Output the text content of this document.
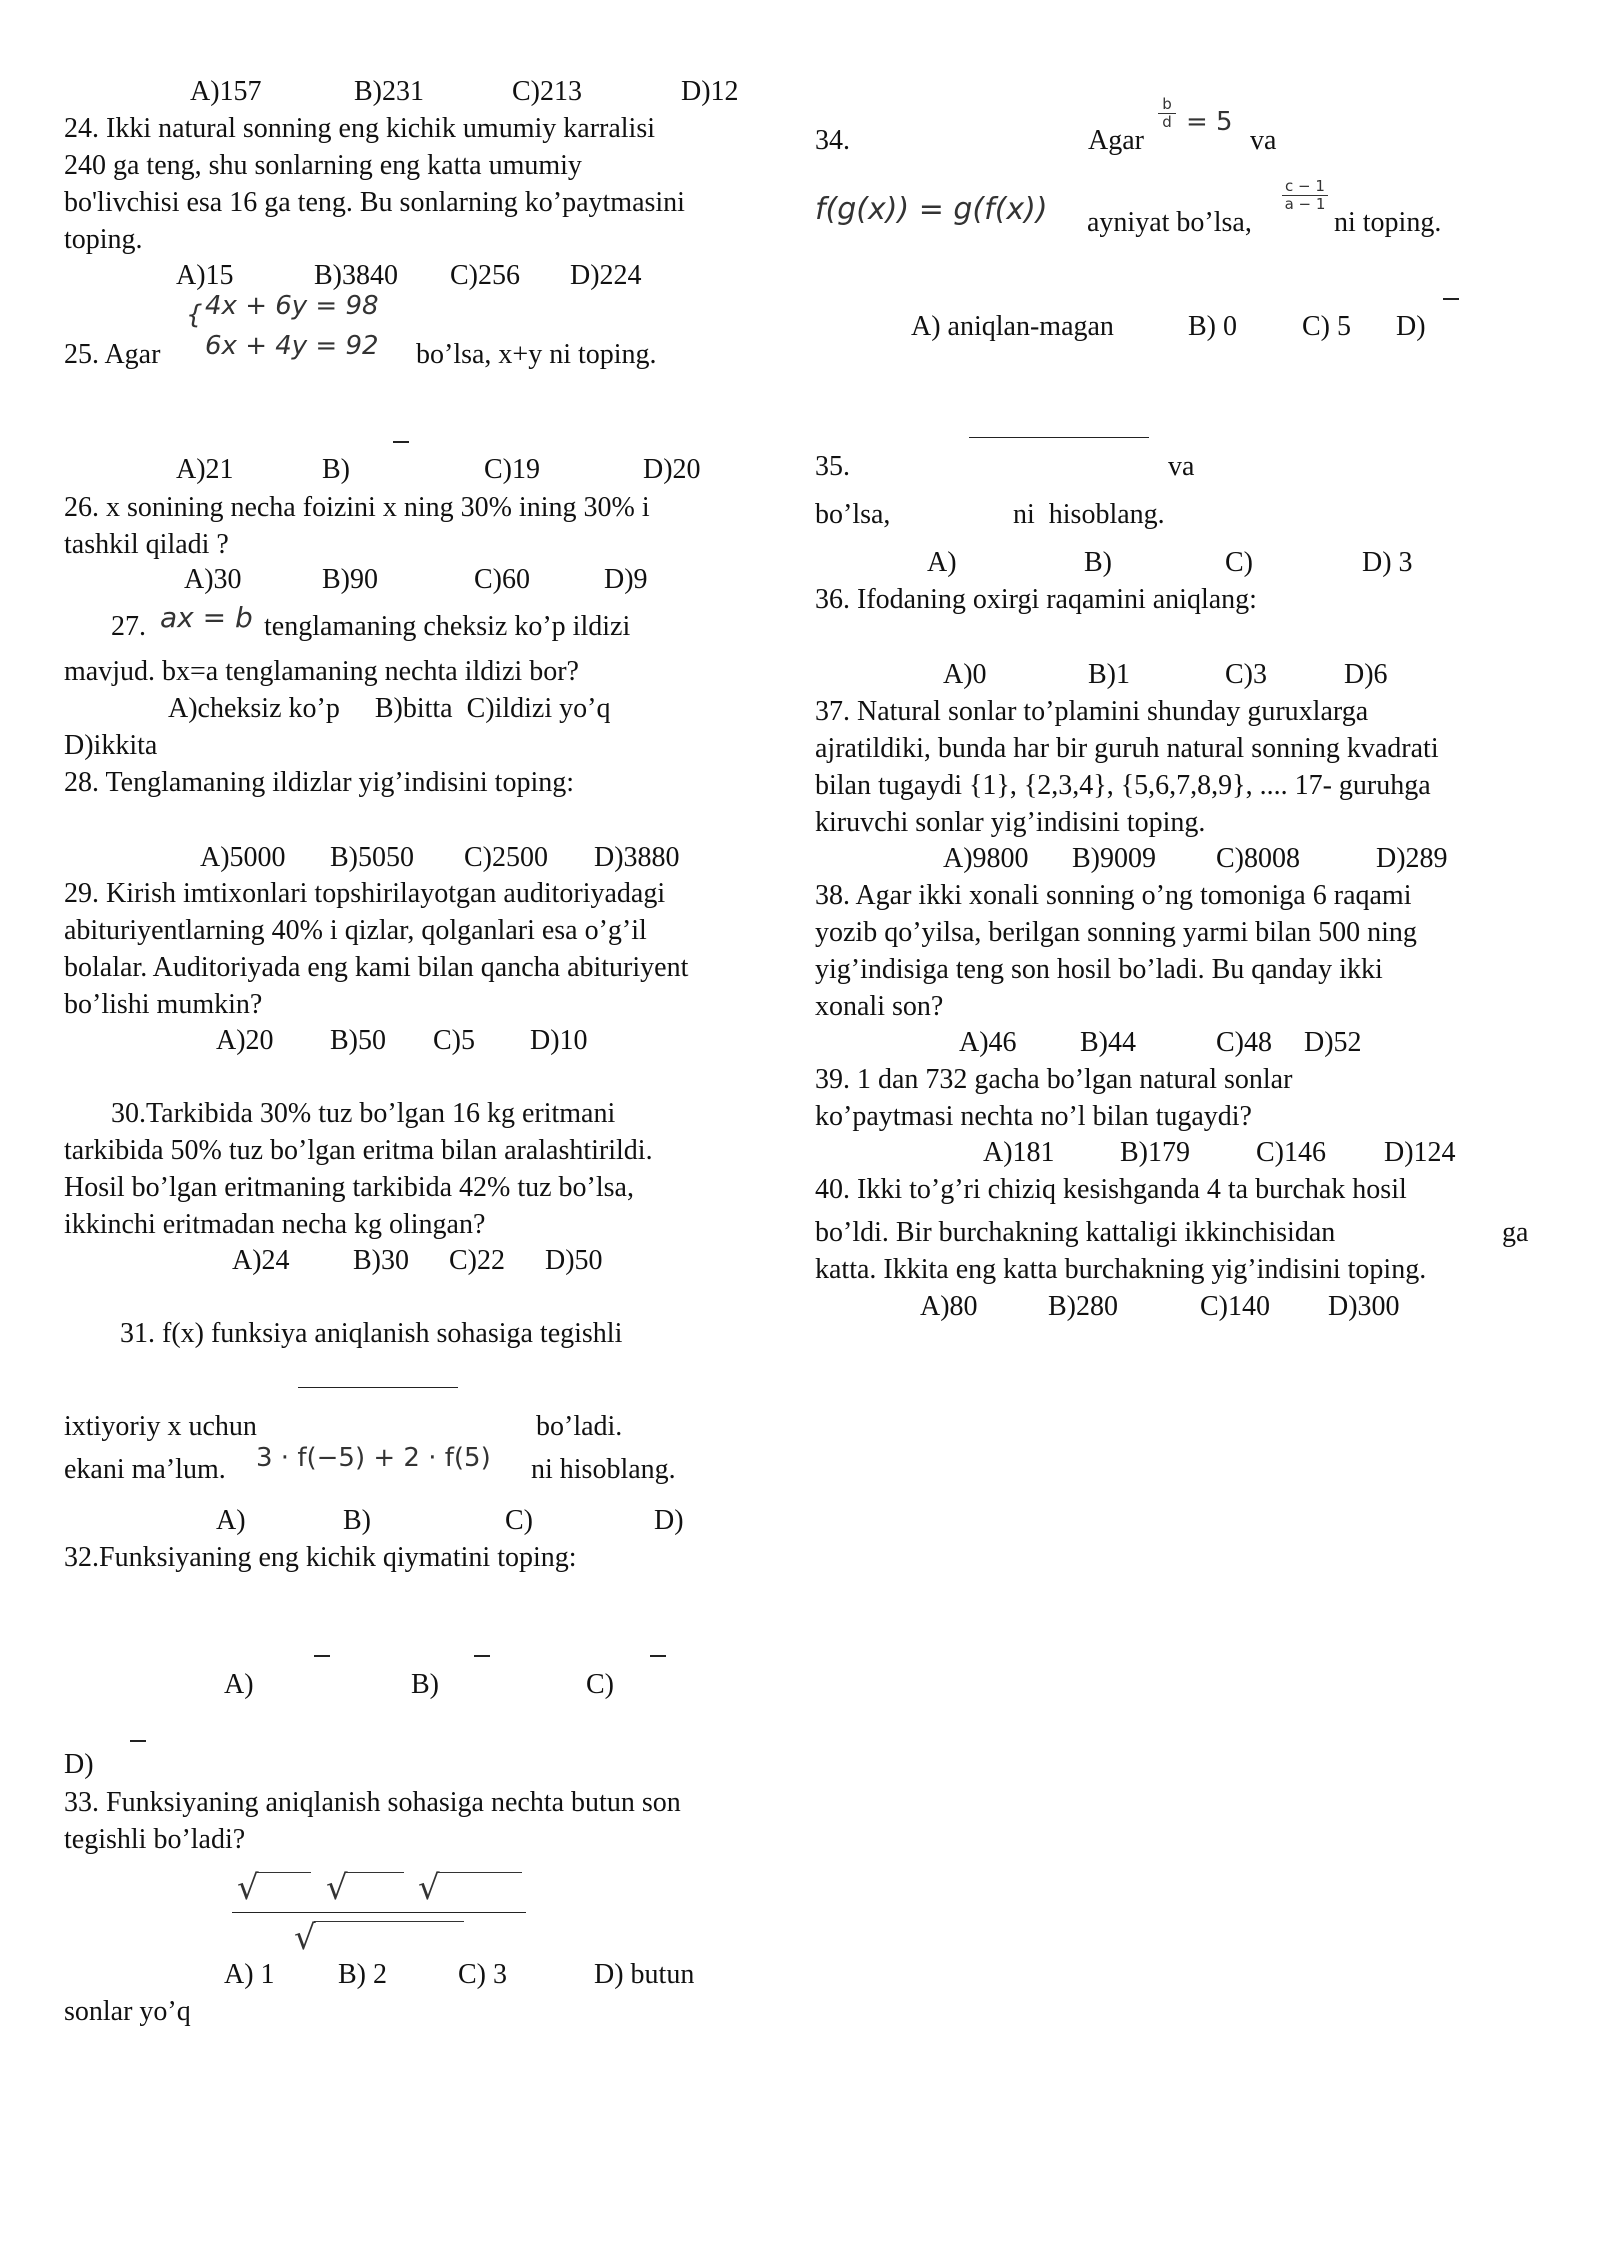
A)157	B)231	C)213	D)12
24. Ikki natural sonning eng kichik umumiy karralisi
240 ga teng, shu sonlarning eng katta umumiy
bo'livchisi esa 16 ga teng. Bu sonlarning ko’paytmasini
toping.
A)15	B)3840 C)256 D)224
25. Agar
{ 4x + 6y = 98
6x + 4y = 92 bo’lsa, x+y ni toping.
A)21	B)	C)19	D)20
26. x sonining necha foizini x ning 30% ining 30% i
tashkil qiladi ?
A)30	B)90	C)60	D)9
27. ax = b tenglamaning cheksiz ko’p ildizi
mavjud. bx=a tenglamaning nechta ildizi bor?
A)cheksiz ko’p     B)bitta  C)ildizi yo’q
D)ikkita
28. Tenglamaning ildizlar yig’indisini toping:
A)5000 B)5050 C)2500 D)3880
29. Kirish imtixonlari topshirilayotgan auditoriyadagi
abituriyentlarning 40% i qizlar, qolganlari esa o’g’il
bolalar. Auditoriyada eng kami bilan qancha abituriyent
bo’lishi mumkin?
A)20 B)50 C)5 D)10
30.Tarkibida 30% tuz bo’lgan 16 kg eritmani
tarkibida 50% tuz bo’lgan eritma bilan aralashtirildi.
Hosil bo’lgan eritmaning tarkibida 42% tuz bo’lsa,
ikkinchi eritmadan necha kg olingan?
A)24 B)30 C)22 D)50
31. f(x) funksiya aniqlanish sohasiga tegishli
ixtiyoriy x uchun	bo’ladi.
ekani ma’lum. 3 · f(−5) + 2 · f(5) ni hisoblang.
A)	B)	C)	D)
32.Funksiyaning eng kichik qiymatini toping:
A)	B)	C)
D)
33. Funksiyaning aniqlanish sohasiga nechta butun son
tegishli bo’ladi?
√ √ √
√
A) 1 B) 2	C) 3	D) butun
sonlar yo’q
34.	Agar
$\frac{b}{d} = 5$
va
f(g(x)) = g(f(x)) ayniyat bo’lsa,
$\frac{c - 1}{a - 1}$
ni toping.
A) aniqlan-magan	B) 0 C) 5 D)
35.	va
bo’lsa,	ni  hisoblang.
A)	B)	C)	D) 3
36. Ifodaning oxirgi raqamini aniqlang:
A)0	B)1	C)3	D)6
37. Natural sonlar to’plamini shunday guruxlarga
ajratildiki, bunda har bir guruh natural sonning kvadrati
bilan tugaydi {1}, {2,3,4}, {5,6,7,8,9}, .... 17- guruhga
kiruvchi sonlar yig’indisini toping.
A)9800 B)9009 C)8008	D)289
38. Agar ikki xonali sonning o’ng tomoniga 6 raqami
yozib qo’yilsa, berilgan sonning yarmi bilan 500 ning
yig’indisiga teng son hosil bo’ladi. Bu qanday ikki
xonali son?
A)46 B)44	C)48 D)52
39. 1 dan 732 gacha bo’lgan natural sonlar
ko’paytmasi nechta no’l bilan tugaydi?
A)181 B)179 C)146 D)124
40. Ikki to’g’ri chiziq kesishganda 4 ta burchak hosil
bo’ldi. Bir burchakning kattaligi ikkinchisidan	ga
katta. Ikkita eng katta burchakning yig’indisini toping.
A)80	B)280	C)140 D)300
